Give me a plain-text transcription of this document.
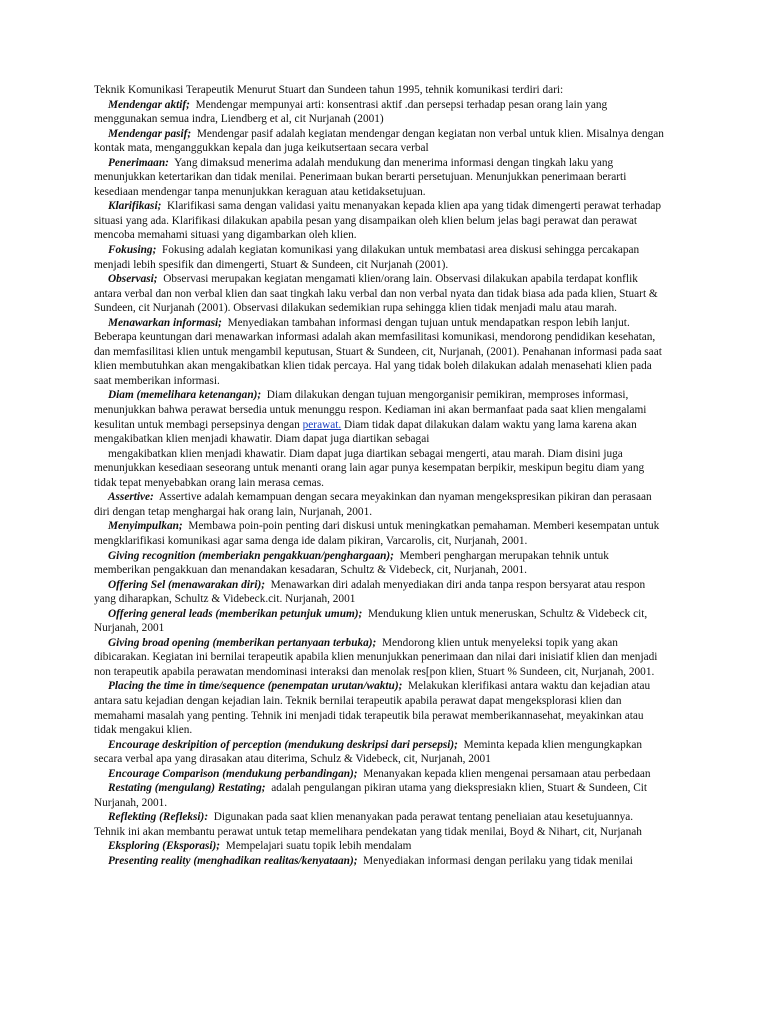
Teknik Komunikasi Terapeutik Menurut Stuart dan Sundeen tahun 1995, tehnik komunikasi terdiri dari:

Mendengar aktif; Mendengar mempunyai arti: konsentrasi aktif .dan persepsi terhadap pesan orang lain yang menggunakan semua indra, Liendberg et al, cit Nurjanah (2001)

Mendengar pasif; Mendengar pasif adalah kegiatan mendengar dengan kegiatan non verbal untuk klien. Misalnya dengan kontak mata, menganggukkan kepala dan juga keikutsertaan secara verbal

Penerimaan: Yang dimaksud menerima adalah mendukung dan menerima informasi dengan tingkah laku yang menunjukkan ketertarikan dan tidak menilai. Penerimaan bukan berarti persetujuan. Menunjukkan penerimaan berarti kesediaan mendengar tanpa menunjukkan keraguan atau ketidaksetujuan.

Klarifikasi; Klarifikasi sama dengan validasi yaitu menanyakan kepada klien apa yang tidak dimengerti perawat terhadap situasi yang ada. Klarifikasi dilakukan apabila pesan yang disampaikan oleh klien belum jelas bagi perawat dan perawat mencoba memahami situasi yang digambarkan oleh klien.

Fokusing; Fokusing adalah kegiatan komunikasi yang dilakukan untuk membatasi area diskusi sehingga percakapan menjadi lebih spesifik dan dimengerti, Stuart & Sundeen, cit Nurjanah (2001).

Observasi; Observasi merupakan kegiatan mengamati klien/orang lain. Observasi dilakukan apabila terdapat konflik antara verbal dan non verbal klien dan saat tingkah laku verbal dan non verbal nyata dan tidak biasa ada pada klien, Stuart & Sundeen, cit Nurjanah (2001). Observasi dilakukan sedemikian rupa sehingga klien tidak menjadi malu atau marah.

Menawarkan informasi; Menyediakan tambahan informasi dengan tujuan untuk mendapatkan respon lebih lanjut. Beberapa keuntungan dari menawarkan informasi adalah akan memfasilitasi komunikasi, mendorong pendidikan kesehatan, dan memfasilitasi klien untuk mengambil keputusan, Stuart & Sundeen, cit, Nurjanah, (2001). Penahanan informasi pada saat klien membutuhkan akan mengakibatkan klien tidak percaya. Hal yang tidak boleh dilakukan adalah menasehati klien pada saat memberikan informasi.

Diam (memelihara ketenangan); Diam dilakukan dengan tujuan mengorganisir pemikiran, memproses informasi, menunjukkan bahwa perawat bersedia untuk menunggu respon. Kediaman ini akan bermanfaat pada saat klien mengalami kesulitan untuk membagi persepsinya dengan perawat. Diam tidak dapat dilakukan dalam waktu yang lama karena akan mengakibatkan klien menjadi khawatir. Diam dapat juga diartikan sebagai

mengakibatkan klien menjadi khawatir. Diam dapat juga diartikan sebagai mengerti, atau marah. Diam disini juga menunjukkan kesediaan seseorang untuk menanti orang lain agar punya kesempatan berpikir, meskipun begitu diam yang tidak tepat menyebabkan orang lain merasa cemas.

Assertive: Assertive adalah kemampuan dengan secara meyakinkan dan nyaman mengekspresikan pikiran dan perasaan diri dengan tetap menghargai hak orang lain, Nurjanah, 2001.

Menyimpulkan; Membawa poin-poin penting dari diskusi untuk meningkatkan pemahaman. Memberi kesempatan untuk mengklarifikasi komunikasi agar sama denga ide dalam pikiran, Varcarolis, cit, Nurjanah, 2001.

Giving recognition (memberiakn pengakkuan/penghargaan); Memberi penghargan merupakan tehnik untuk memberikan pengakkuan dan menandakan kesadaran, Schultz & Videbeck, cit, Nurjanah, 2001.

Offering Sel (menawarakan diri); Menawarkan diri adalah menyediakan diri anda tanpa respon bersyarat atau respon yang diharapkan, Schultz & Videbeck.cit. Nurjanah, 2001

Offering general leads (memberikan petunjuk umum); Mendukung klien untuk meneruskan, Schultz & Videbeck cit, Nurjanah, 2001

Giving broad opening (memberikan pertanyaan terbuka); Mendorong klien untuk menyeleksi topik yang akan dibicarakan. Kegiatan ini bernilai terapeutik apabila klien menunjukkan penerimaan dan nilai dari inisiatif klien dan menjadi non terapeutik apabila perawatan mendominasi interaksi dan menolak res[pon klien, Stuart % Sundeen, cit, Nurjanah, 2001.

Placing the time in time/sequence (penempatan urutan/waktu); Melakukan klerifikasi antara waktu dan kejadian atau antara satu kejadian dengan kejadian lain. Teknik bernilai terapeutik apabila perawat dapat mengeksplorasi klien dan memahami masalah yang penting. Tehnik ini menjadi tidak terapeutik bila perawat memberikannasehat, meyakinkan atau tidak mengakui klien.

Encourage deskripition of perception (mendukung deskripsi dari persepsi); Meminta kepada klien mengungkapkan secara verbal apa yang dirasakan atau diterima, Schulz & Videbeck, cit, Nurjanah, 2001

Encourage Comparison (mendukung perbandingan); Menanyakan kepada klien mengenai persamaan atau perbedaan

Restating (mengulang) Restating; adalah pengulangan pikiran utama yang diekspresiakn klien, Stuart & Sundeen, Cit Nurjanah, 2001.

Reflekting (Refleksi): Digunakan pada saat klien menanyakan pada perawat tentang peneliaian atau kesetujuannya. Tehnik ini akan membantu perawat untuk tetap memelihara pendekatan yang tidak menilai, Boyd & Nihart, cit, Nurjanah

Eksploring (Eksporasi); Mempelajari suatu topik lebih mendalam

Presenting reality (menghadikan realitas/kenyataan); Menyediakan informasi dengan perilaku yang tidak menilai
